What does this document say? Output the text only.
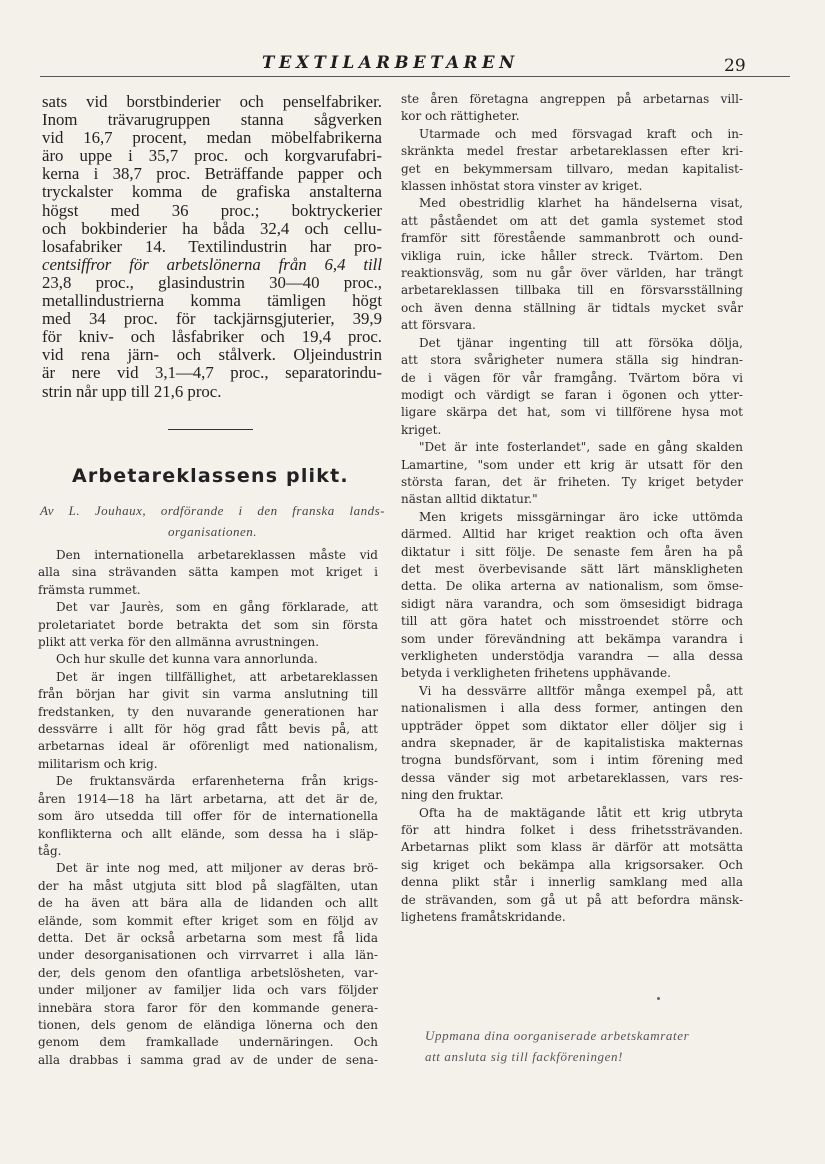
TEXTILARBETAREN	29

sats vid borstbinderier och penselfabriker.

Inom trävarugruppen stanna sågverken

vid 16,7 procent, medan möbelfabrikerna

äro uppe i 35,7 proc. och korgvarufabri-

kerna i 38,7 proc. Beträffande papper och

tryckalster komma de grafiska anstalterna

högst med 36 proc.; boktryckerier

och bokbinderier ha båda 32,4 och cellu-

losafabriker 14. Textilindustrin har pro-

centsiffror för arbetslönerna från 6,4 till

23,8 proc., glasindustrin 30—40 proc.,

metallindustrierna komma tämligen högt

med 34 proc. för tackjärnsgjuterier, 39,9

för kniv- och låsfabriker och 19,4 proc.

vid rena järn- och stålverk. Oljeindustrin

är nere vid 3,1—4,7 proc., separatorindu-

strin når upp till 21,6 proc.

Arbetareklassens plikt.

Av L. Jouhaux, ordförande i den franska lands-

organisationen.

Den internationella arbetareklassen måste vid

alla sina strävanden sätta kampen mot kriget i

främsta rummet.

Det var Jaurès, som en gång förklarade, att

proletariatet borde betrakta det som sin första

plikt att verka för den allmänna avrustningen.

Och hur skulle det kunna vara annorlunda.

Det är ingen tillfällighet, att arbetareklassen

från början har givit sin varma anslutning till

fredstanken, ty den nuvarande generationen har

dessvärre i allt för hög grad fått bevis på, att

arbetarnas ideal är oförenligt med nationalism,

militarism och krig.

De fruktansvärda erfarenheterna från krigs-

åren 1914—18 ha lärt arbetarna, att det är de,

som äro utsedda till offer för de internationella

konflikterna och allt elände, som dessa ha i släp-

tåg.

Det är inte nog med, att miljoner av deras brö-

der ha måst utgjuta sitt blod på slagfälten, utan

de ha även att bära alla de lidanden och allt

elände, som kommit efter kriget som en följd av

detta. Det är också arbetarna som mest få lida

under desorganisationen och virrvarret i alla län-

der, dels genom den ofantliga arbetslösheten, var-

under miljoner av familjer lida och vars följder

innebära stora faror för den kommande genera-

tionen, dels genom de eländiga lönerna och den

genom dem framkallade undernäringen. Och

alla drabbas i samma grad av de under de sena-

ste åren företagna angreppen på arbetarnas vill-

kor och rättigheter.

Utarmade och med försvagad kraft och in-

skränkta medel frestar arbetareklassen efter kri-

get en bekymmersam tillvaro, medan kapitalist-

klassen inhöstat stora vinster av kriget.

Med obestridlig klarhet ha händelserna visat,

att påståendet om att det gamla systemet stod

framför sitt förestående sammanbrott och ound-

vikliga ruin, icke håller streck. Tvärtom. Den

reaktionsväg, som nu går över världen, har trängt

arbetareklassen tillbaka till en försvarsställning

och även denna ställning är tidtals mycket svår

att försvara.

Det tjänar ingenting till att försöka dölja,

att stora svårigheter numera ställa sig hindran-

de i vägen för vår framgång. Tvärtom böra vi

modigt och värdigt se faran i ögonen och ytter-

ligare skärpa det hat, som vi tillförene hysa mot

kriget.

"Det är inte fosterlandet", sade en gång skalden

Lamartine, "som under ett krig är utsatt för den

största faran, det är friheten. Ty kriget betyder

nästan alltid diktatur."

Men krigets missgärningar äro icke uttömda

därmed. Alltid har kriget reaktion och ofta även

diktatur i sitt följe. De senaste fem åren ha på

det mest överbevisande sätt lärt mänskligheten

detta. De olika arterna av nationalism, som ömse-

sidigt nära varandra, och som ömsesidigt bidraga

till att göra hatet och misstroendet större och

som under förevändning att bekämpa varandra i

verkligheten understödja varandra — alla dessa

betyda i verkligheten frihetens upphävande.

Vi ha dessvärre alltför många exempel på, att

nationalismen i alla dess former, antingen den

uppträder öppet som diktator eller döljer sig i

andra skepnader, är de kapitalistiska makternas

trogna bundsförvant, som i intim förening med

dessa vänder sig mot arbetareklassen, vars res-

ning den fruktar.

Ofta ha de maktägande låtit ett krig utbryta

för att hindra folket i dess frihetssträvanden.

Arbetarnas plikt som klass är därför att motsätta

sig kriget och bekämpa alla krigsorsaker. Och

denna plikt står i innerlig samklang med alla

de strävanden, som gå ut på att befordra mänsk-

lighetens framåtskridande.

Uppmana dina oorganiserade arbetskamrater

att ansluta sig till fackföreningen!
